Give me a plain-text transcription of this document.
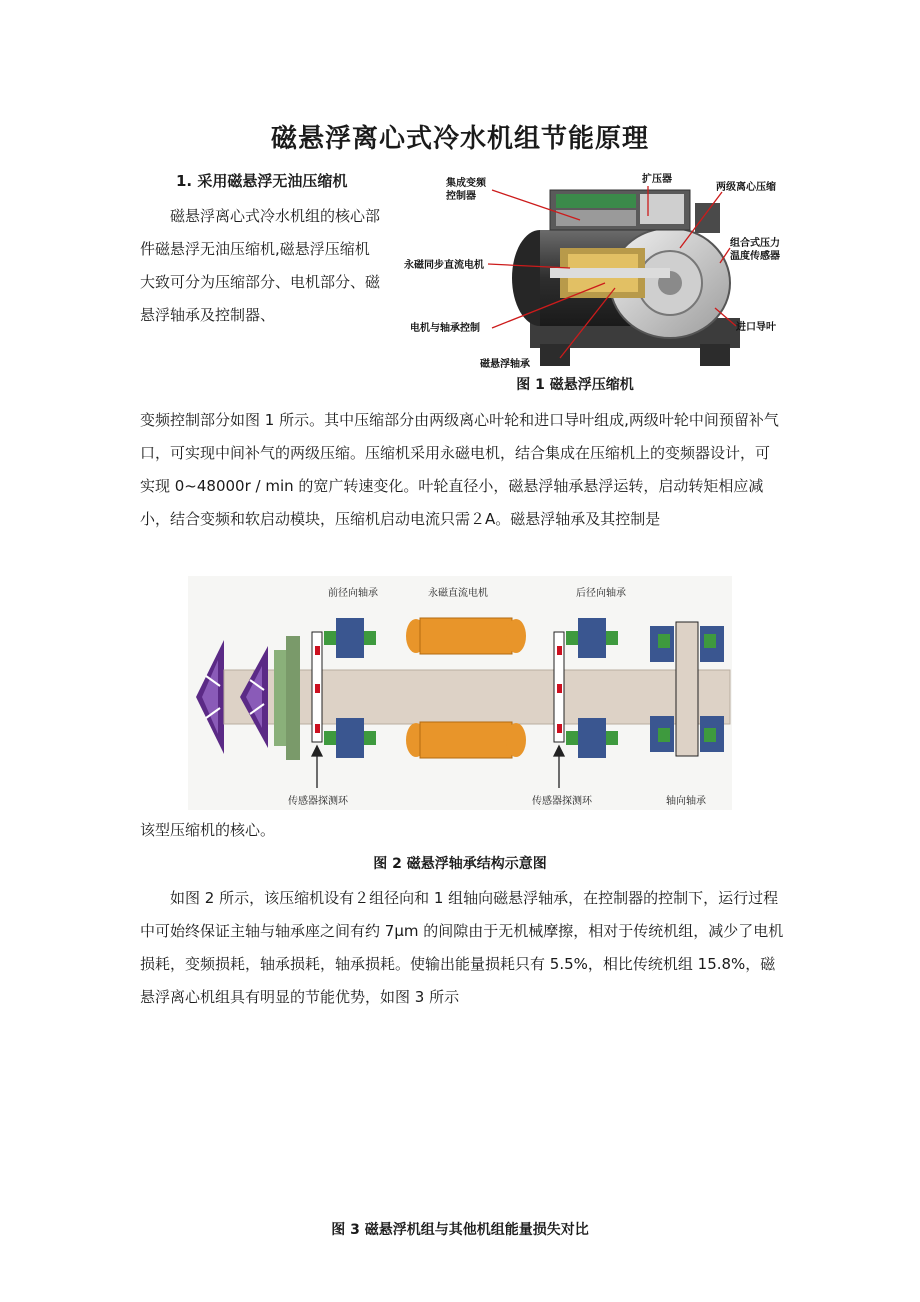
磁悬浮离心式冷水机组节能原理
1. 采用磁悬浮无油压缩机
磁悬浮离心式冷水机组的核心部件磁悬浮无油压缩机,磁悬浮压缩机大致可分为压缩部分、电机部分、磁悬浮轴承及控制器、
集成变频
控制器
扩压器
两级离心压缩
组合式压力
温度传感器
永磁同步直流电机
电机与轴承控制	进口导叶
磁悬浮轴承
图 1 磁悬浮压缩机
变频控制部分如图 1 所示。其中压缩部分由两级离心叶轮和进口导叶组成,两级叶轮中间预留补气口，可实现中间补气的两级压缩。压缩机采用永磁电机，结合集成在压缩机上的变频器设计，可实现 0~48000r / min 的宽广转速变化。叶轮直径小，磁悬浮轴承悬浮运转，启动转矩相应减小，结合变频和软启动模块，压缩机启动电流只需２A。磁悬浮轴承及其控制是
前径向轴承	永磁直流电机	后径向轴承
传感器探测环	传感器探测环	轴向轴承
该型压缩机的核心。
图 2 磁悬浮轴承结构示意图
如图 2 所示，该压缩机设有２组径向和 1 组轴向磁悬浮轴承，在控制器的控制下，运行过程中可始终保证主轴与轴承座之间有约 7μm 的间隙由于无机械摩擦，相对于传统机组，减少了电机损耗，变频损耗，轴承损耗，轴承损耗。使输出能量损耗只有 5.5%，相比传统机组 15.8%，磁悬浮离心机组具有明显的节能优势，如图 3 所示
图 3 磁悬浮机组与其他机组能量损失对比
